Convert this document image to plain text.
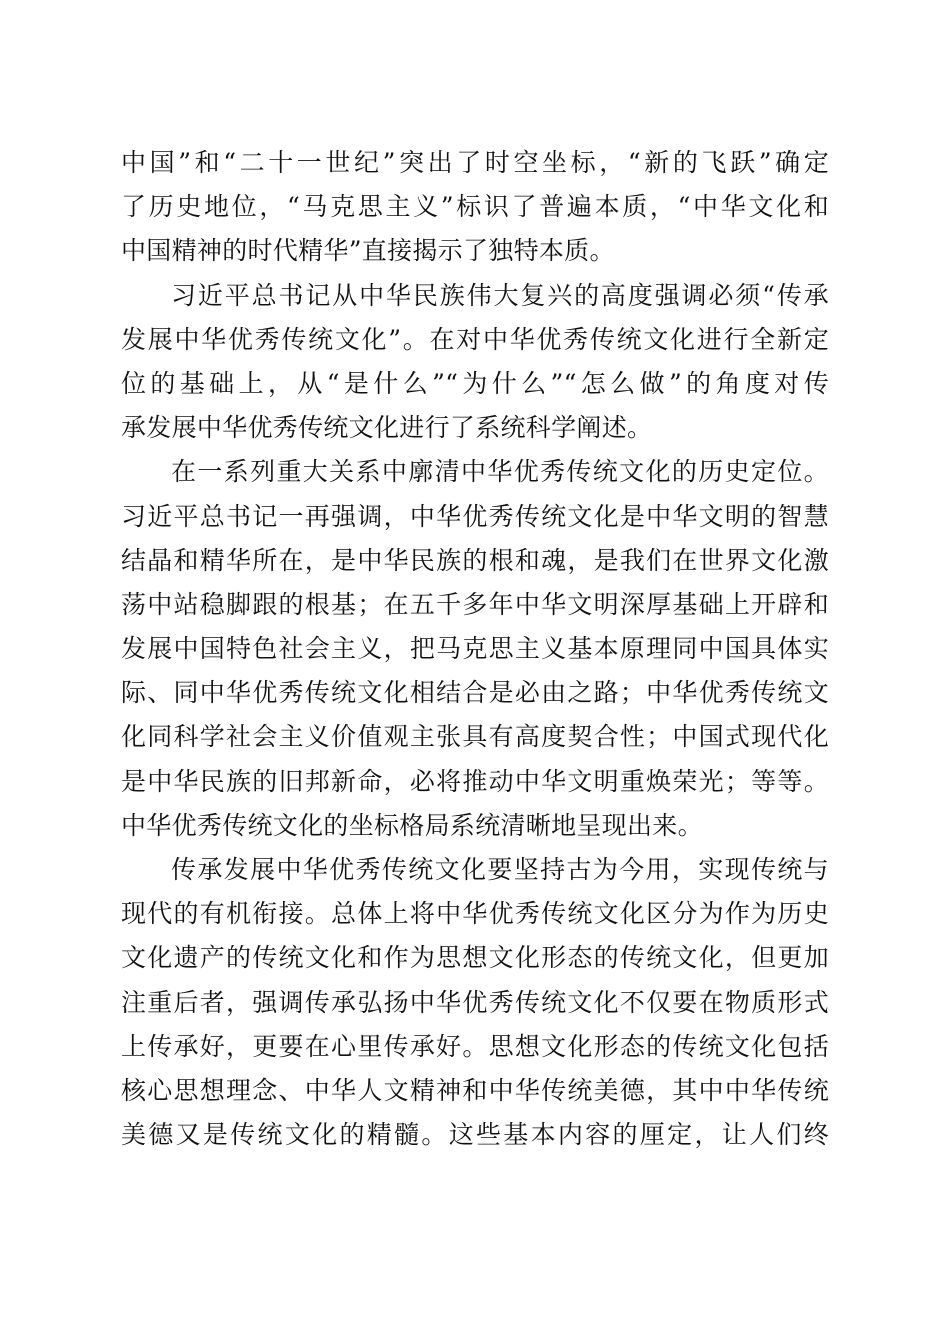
中国”和“二十一世纪”突出了时空坐标，“新的飞跃”确定
了历史地位，“马克思主义”标识了普遍本质，“中华文化和
中国精神的时代精华”直接揭示了独特本质。
习近平总书记从中华民族伟大复兴的高度强调必须“传承
发展中华优秀传统文化”。在对中华优秀传统文化进行全新定
位的基础上，从“是什么”“为什么”“怎么做”的角度对传
承发展中华优秀传统文化进行了系统科学阐述。
在一系列重大关系中廓清中华优秀传统文化的历史定位。
习近平总书记一再强调，中华优秀传统文化是中华文明的智慧
结晶和精华所在，是中华民族的根和魂，是我们在世界文化激
荡中站稳脚跟的根基；在五千多年中华文明深厚基础上开辟和
发展中国特色社会主义，把马克思主义基本原理同中国具体实
际、同中华优秀传统文化相结合是必由之路；中华优秀传统文
化同科学社会主义价值观主张具有高度契合性；中国式现代化
是中华民族的旧邦新命，必将推动中华文明重焕荣光；等等。
中华优秀传统文化的坐标格局系统清晰地呈现出来。
传承发展中华优秀传统文化要坚持古为今用，实现传统与
现代的有机衔接。总体上将中华优秀传统文化区分为作为历史
文化遗产的传统文化和作为思想文化形态的传统文化，但更加
注重后者，强调传承弘扬中华优秀传统文化不仅要在物质形式
上传承好，更要在心里传承好。思想文化形态的传统文化包括
核心思想理念、中华人文精神和中华传统美德，其中中华传统
美德又是传统文化的精髓。这些基本内容的厘定，让人们终
